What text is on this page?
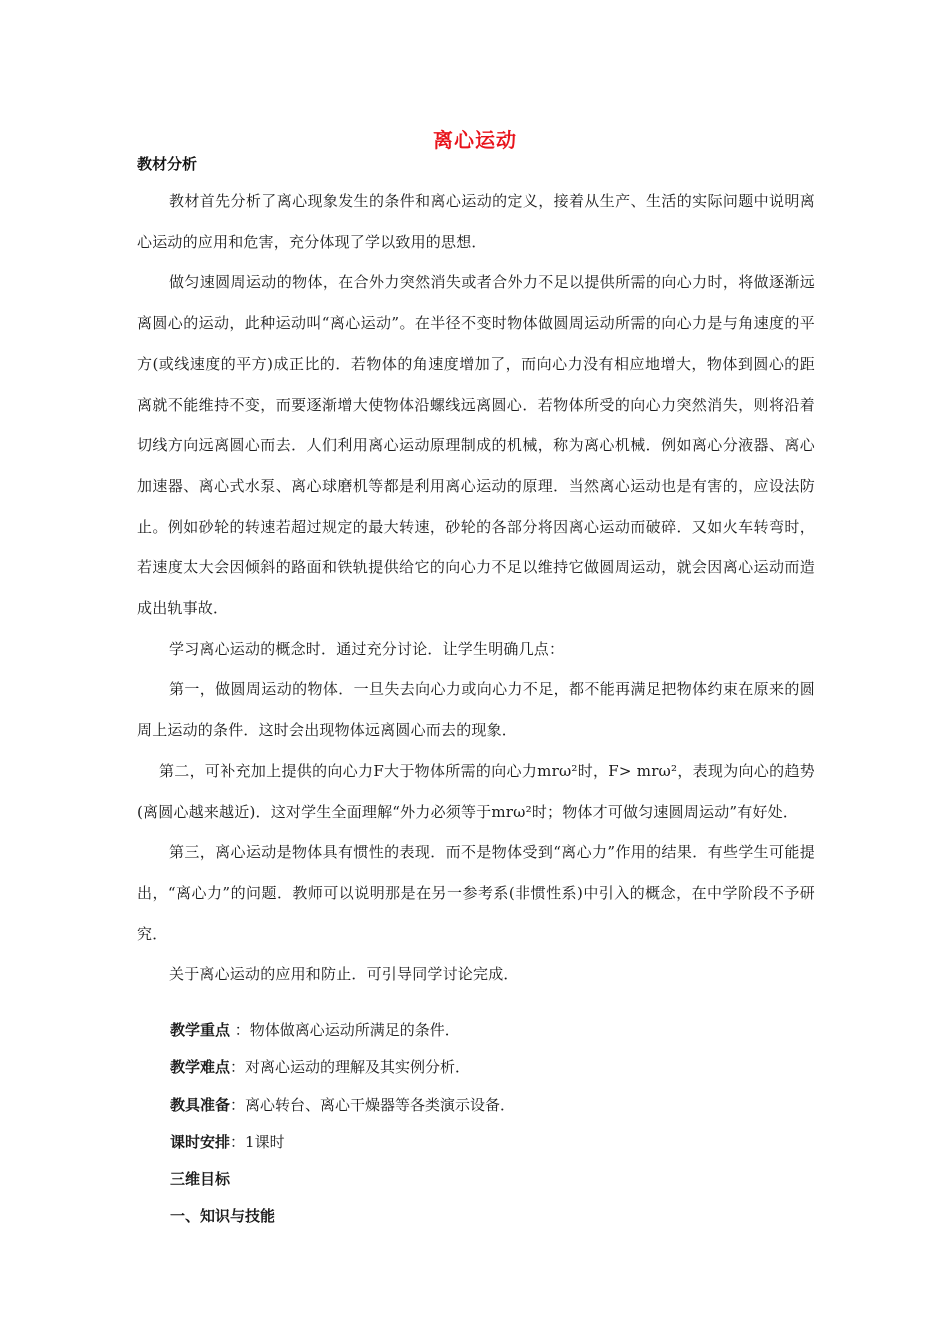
离心运动
教材分析

教材首先分析了离心现象发生的条件和离心运动的定义，接着从生产、生活的实际问题中说明离心运动的应用和危害，充分体现了学以致用的思想．

做匀速圆周运动的物体，在合外力突然消失或者合外力不足以提供所需的向心力时，将做逐渐远离圆心的运动，此种运动叫“离心运动”。在半径不变时物体做圆周运动所需的向心力是与角速度的平方(或线速度的平方)成正比的．若物体的角速度增加了，而向心力没有相应地增大，物体到圆心的距离就不能维持不变，而要逐渐增大使物体沿螺线远离圆心．若物体所受的向心力突然消失，则将沿着切线方向远离圆心而去．人们利用离心运动原理制成的机械，称为离心机械．例如离心分液器、离心加速器、离心式水泵、离心球磨机等都是利用离心运动的原理．当然离心运动也是有害的，应设法防止。例如砂轮的转速若超过规定的最大转速，砂轮的各部分将因离心运动而破碎．又如火车转弯时，若速度太大会因倾斜的路面和铁轨提供给它的向心力不足以维持它做圆周运动，就会因离心运动而造成出轨事故．

学习离心运动的概念时．通过充分讨论．让学生明确几点：

第一，做圆周运动的物体．一旦失去向心力或向心力不足，都不能再满足把物体约束在原来的圆周上运动的条件．这时会出现物体远离圆心而去的现象．

第二，可补充加上提供的向心力F大于物体所需的向心力mrω²时，F> mrω²，表现为向心的趋势(离圆心越来越近)．这对学生全面理解“外力必须等于mrω²时；物体才可做匀速圆周运动”有好处．

第三，离心运动是物体具有惯性的表现．而不是物体受到“离心力”作用的结果．有些学生可能提出，“离心力”的问题．教师可以说明那是在另一参考系(非惯性系)中引入的概念，在中学阶段不予研究．

关于离心运动的应用和防止．可引导同学讨论完成．

教学重点 ：物体做离心运动所满足的条件．

教学难点：对离心运动的理解及其实例分析．

教具准备：离心转台、离心干燥器等各类演示设备．

课时安排：1课时

三维目标

一、知识与技能
